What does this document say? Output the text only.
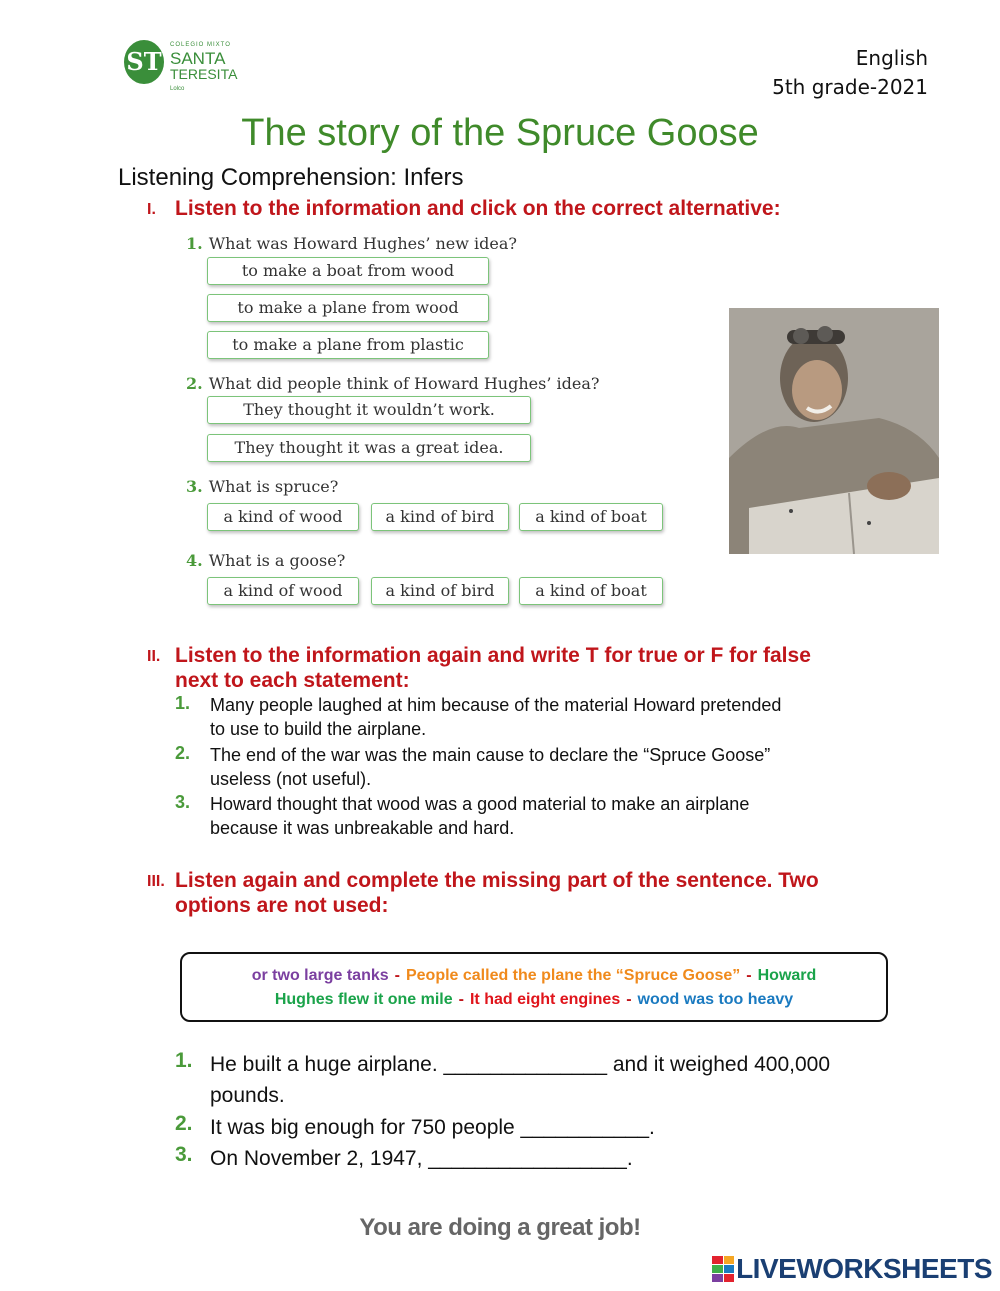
ST
COLEGIO MIXTO
SANTA
TERESITA
Lolco
English
5th grade-2021
The story of the Spruce Goose
Listening Comprehension: Infers
I. Listen to the information and click on the correct alternative:
1. What was Howard Hughes’ new idea?
to make a boat from wood
to make a plane from wood
to make a plane from plastic
2. What did people think of Howard Hughes’ idea?
They thought it wouldn’t work.
They thought it was a great idea.
3. What is spruce?
a kind of wood	a kind of bird	a kind of boat
4. What is a goose?
a kind of wood	a kind of bird	a kind of boat
II. Listen to the information again and write T for true or F for false
next to each statement:
1. Many people laughed at him because of the material Howard pretended
to use to build the airplane.
2. The end of the war was the main cause to declare the “Spruce Goose”
useless (not useful).
3. Howard thought that wood was a good material to make an airplane
because it was unbreakable and hard.
III. Listen again and complete the missing part of the sentence. Two
options are not used:
or two large tanks - People called the plane the “Spruce Goose” - Howard
Hughes flew it one mile - It had eight engines - wood was too heavy
1. He built a huge airplane. ______________ and it weighed 400,000
pounds.
2. It was big enough for 750 people ___________.
3. On November 2, 1947, _________________.
You are doing a great job!
LIVEWORKSHEETS
